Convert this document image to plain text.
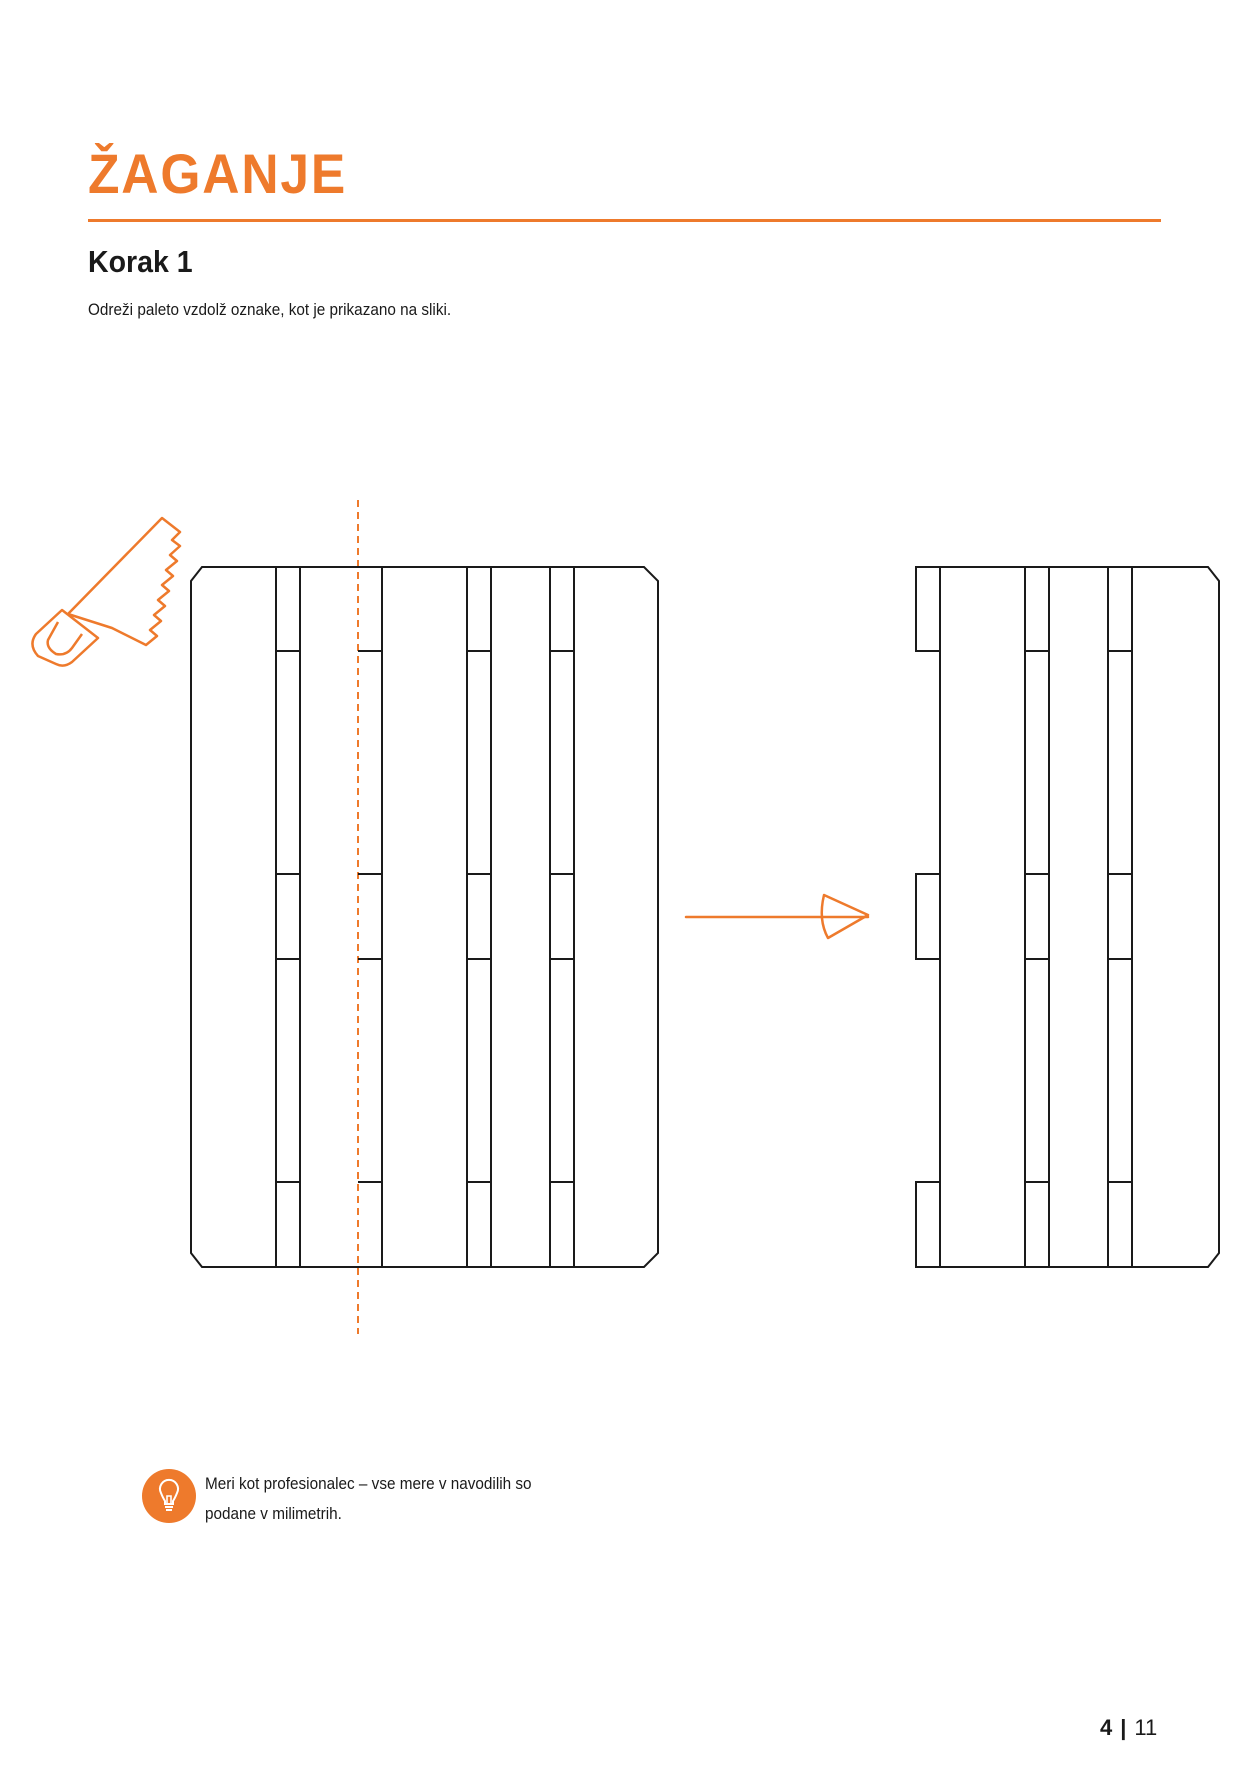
ŽAGANJE
Korak 1
Odreži paleto vzdolž oznake, kot je prikazano na sliki.
Meri kot profesionalec – vse mere v navodilih so
podane v milimetrih.
4 | 11
